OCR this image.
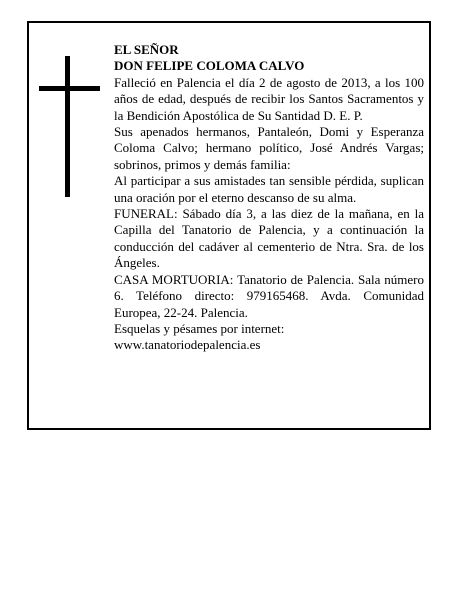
EL SEÑOR

DON FELIPE COLOMA CALVO

Falleció en Palencia el día 2 de agosto de 2013, a los 100 años de edad, después de recibir los Santos Sacramentos y la Bendición Apostólica de Su Santidad D. E. P.

Sus apenados hermanos, Pantaleón, Domi y Esperanza Coloma Calvo; hermano político, José Andrés Vargas; sobrinos, primos y demás familia:

Al participar a sus amistades tan sensible pérdida, suplican una oración por el eterno descanso de su alma.

FUNERAL: Sábado día 3, a las diez de la mañana, en la Capilla del Tanatorio de Palencia, y a continuación la conducción del cadáver al cementerio de Ntra. Sra. de los Ángeles.

CASA MORTUORIA: Tanatorio de Palencia. Sala número 6. Teléfono directo: 979165468. Avda. Comunidad Europea, 22-24. Palencia.

Esquelas y pésames por internet:

www.tanatoriodepalencia.es
